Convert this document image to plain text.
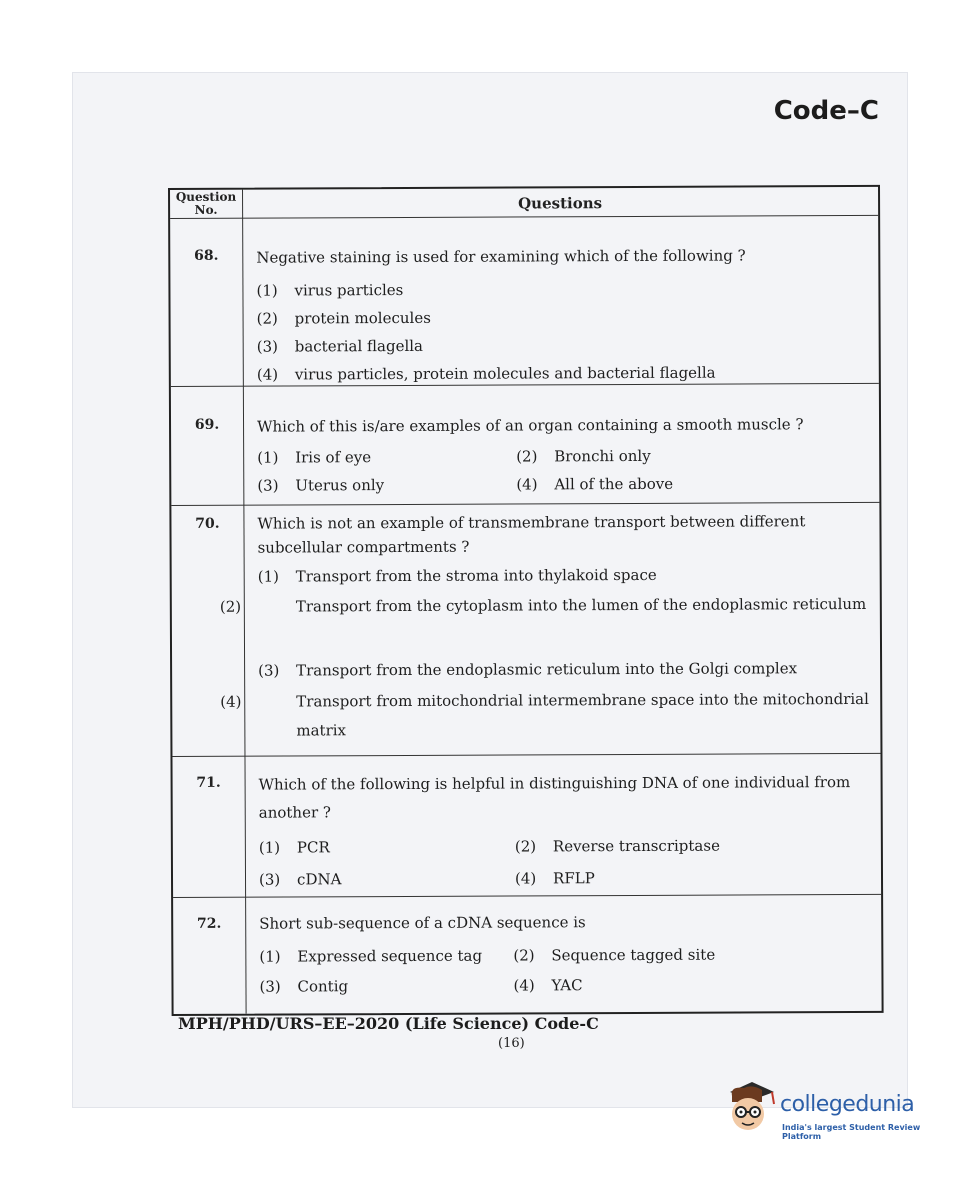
Code–C
Question No.	Questions
68.	Negative staining is used for examining which of the following ?
(1) virus particles
(2) protein molecules
(3) bacterial flagella
(4) virus particles, protein molecules and bacterial flagella
69.	Which of this is/are examples of an organ containing a smooth muscle ?
(1) Iris of eye	(2) Bronchi only
(3) Uterus only	(4) All of the above
70.	Which is not an example of transmembrane transport between different subcellular compartments ?
(1) Transport from the stroma into thylakoid space
(2)	Transport from the cytoplasm into the lumen of the endoplasmic reticulum
(3) Transport from the endoplasmic reticulum into the Golgi complex
(4)	Transport from mitochondrial intermembrane space into the mitochondrial matrix
71.	Which of the following is helpful in distinguishing DNA of one individual from another ?
(1) PCR	(2) Reverse transcriptase
(3) cDNA	(4) RFLP
72.	Short sub-sequence of a cDNA sequence is
(1) Expressed sequence tag (2) Sequence tagged site
(3) Contig	(4) YAC
MPH/PHD/URS–EE–2020 (Life Science) Code-C
(16)
collegedunia
India's largest Student Review Platform
